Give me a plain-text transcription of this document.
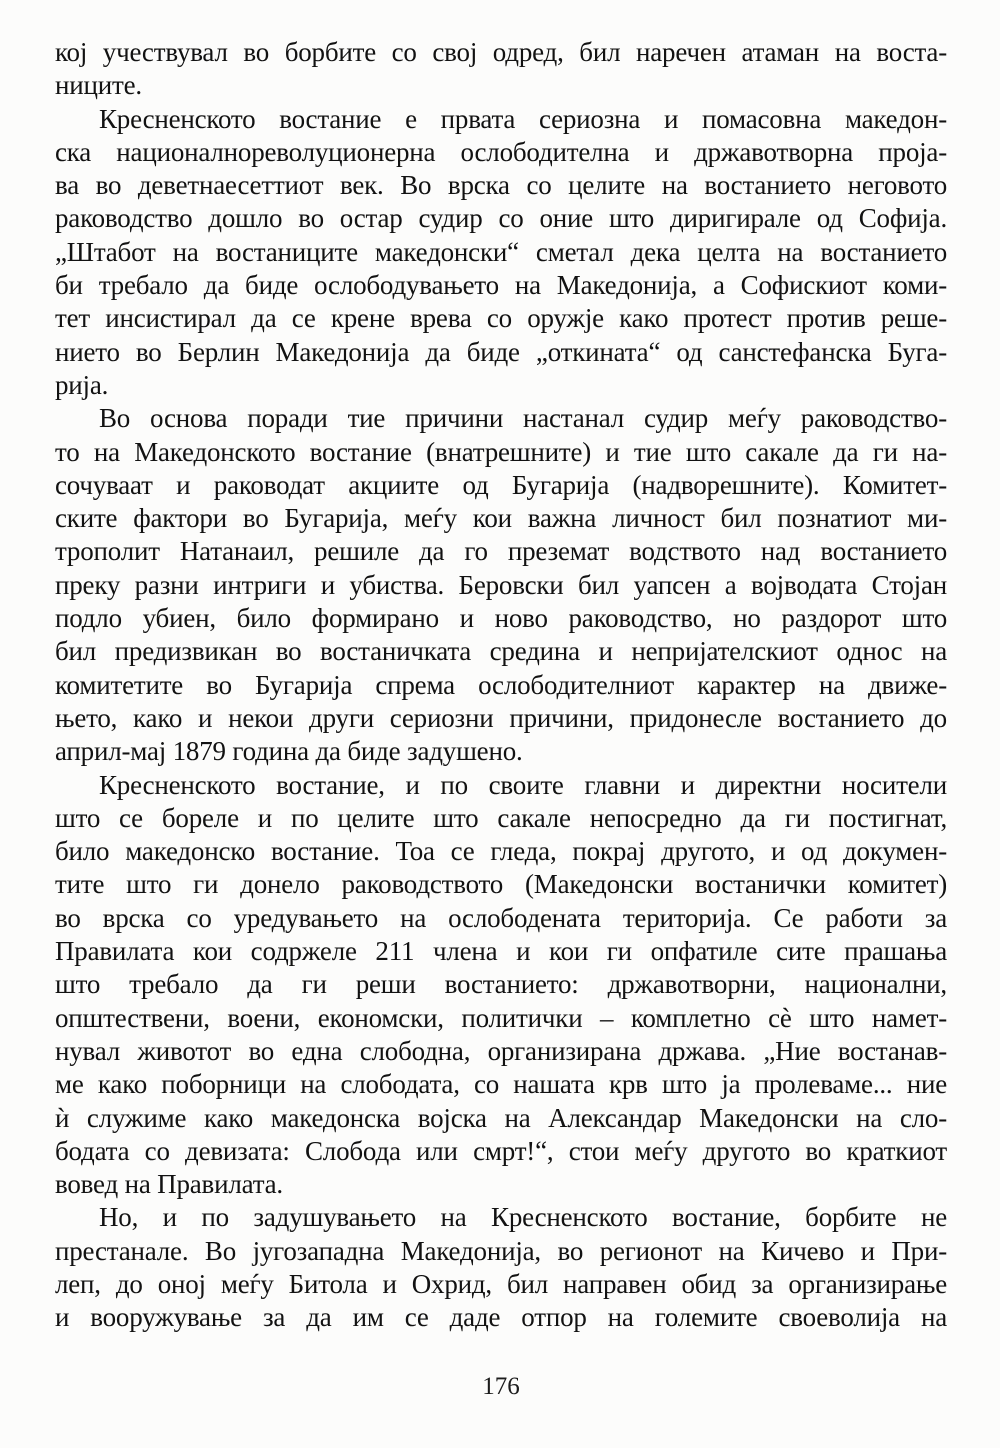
кој учествувал во борбите со свој одред, бил наречен атаман на воста-
ниците.
Кресненското востание е првата сериозна и помасовна македон-
ска националнореволуционерна ослободителна и државотворна проја-
ва во деветнаесеттиот век. Во врска со целите на востанието неговото
раководство дошло во остар судир со оние што диригирале од Софија.
„Штабот на востаниците македонски“ сметал дека целта на востанието
би требало да биде ослободувањето на Македонија, а Софискиот коми-
тет инсистирал да се крене врева со оружје како протест против реше-
нието во Берлин Македонија да биде „откината“ од санстефанска Буга-
рија.
Во основа поради тие причини настанал судир меѓу раководство-
то на Македонското востание (внатрешните) и тие што сакале да ги на-
сочуваат и раководат акциите од Бугарија (надворешните). Комитет-
ските фактори во Бугарија, меѓу кои важна личност бил познатиот ми-
трополит Натанаил, решиле да го преземат водството над востанието
преку разни интриги и убиства. Беровски бил уапсен а војводата Стојан
подло убиен, било формирано и ново раководство, но раздорот што
бил предизвикан во востаничката средина и непријателскиот однос на
комитетите во Бугарија спрема ослободителниот карактер на движе-
њето, како и некои други сериозни причини, придонесле востанието до
април-мај 1879 година да биде задушено.
Кресненското востание, и по своите главни и директни носители
што се бореле и по целите што сакале непосредно да ги постигнат,
било македонско востание. Тоа се гледа, покрај другото, и од докумен-
тите што ги донело раководството (Македонски востанички комитет)
во врска со уредувањето на ослободената територија. Се работи за
Правилата кои содржеле 211 члена и кои ги опфатиле сите прашања
што требало да ги реши востанието: државотворни, национални,
општествени, воени, економски, политички – комплетно сѐ што намет-
нувал животот во една слободна, организирана држава. „Ние востанав-
ме како поборници на слободата, со нашата крв што ја пролеваме... ние
ѝ служиме како македонска војска на Александар Македонски на сло-
бодата со девизата: Слобода или смрт!“, стои меѓу другото во краткиот
вовед на Правилата.
Но, и по задушувањето на Кресненското востание, борбите не
престанале. Во југозападна Македонија, во регионот на Кичево и При-
леп, до оној меѓу Битола и Охрид, бил направен обид за организирање
и вооружување за да им се даде отпор на големите своеволија на
176
